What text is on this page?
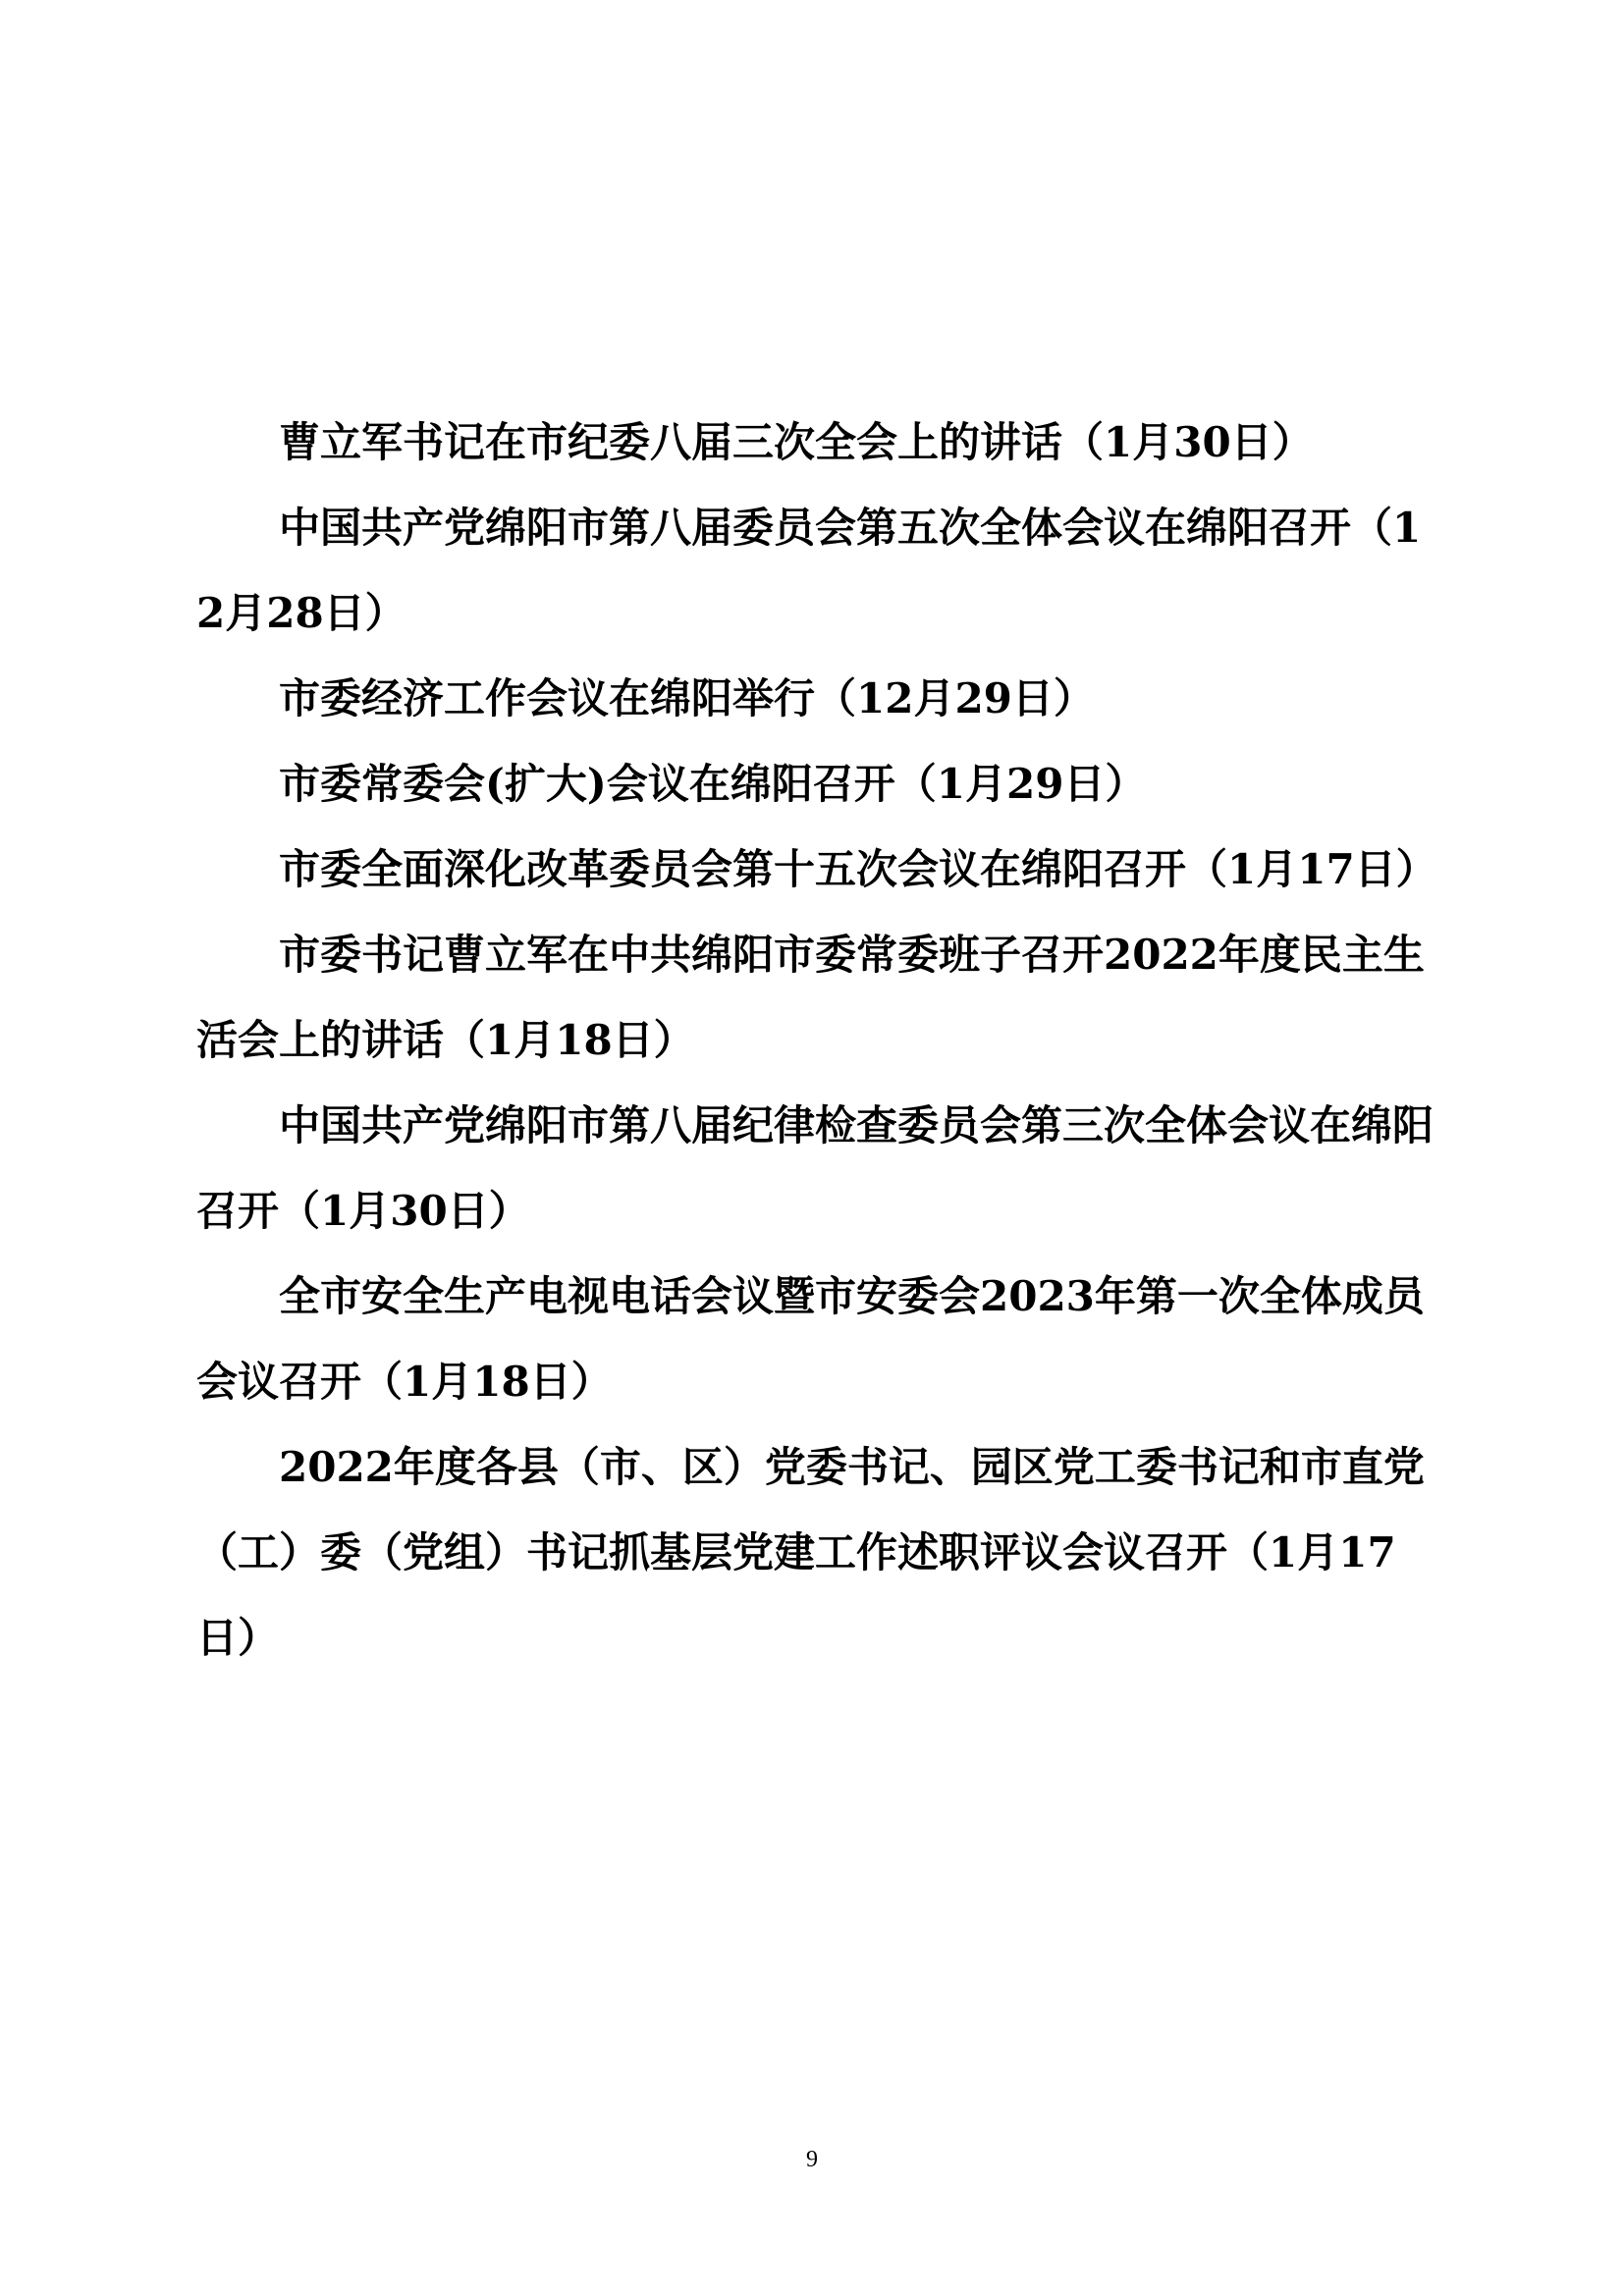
曹立军书记在市纪委八届三次全会上的讲话（1月30日）
中国共产党绵阳市第八届委员会第五次全体会议在绵阳召开（12月28日）
市委经济工作会议在绵阳举行（12月29日）
市委常委会(扩大)会议在绵阳召开（1月29日）
市委全面深化改革委员会第十五次会议在绵阳召开（1月17日）
市委书记曹立军在中共绵阳市委常委班子召开2022年度民主生活会上的讲话（1月18日）
中国共产党绵阳市第八届纪律检查委员会第三次全体会议在绵阳召开（1月30日）
全市安全生产电视电话会议暨市安委会2023年第一次全体成员会议召开（1月18日）
2022年度各县（市、区）党委书记、园区党工委书记和市直党（工）委（党组）书记抓基层党建工作述职评议会议召开（1月17日）
9
